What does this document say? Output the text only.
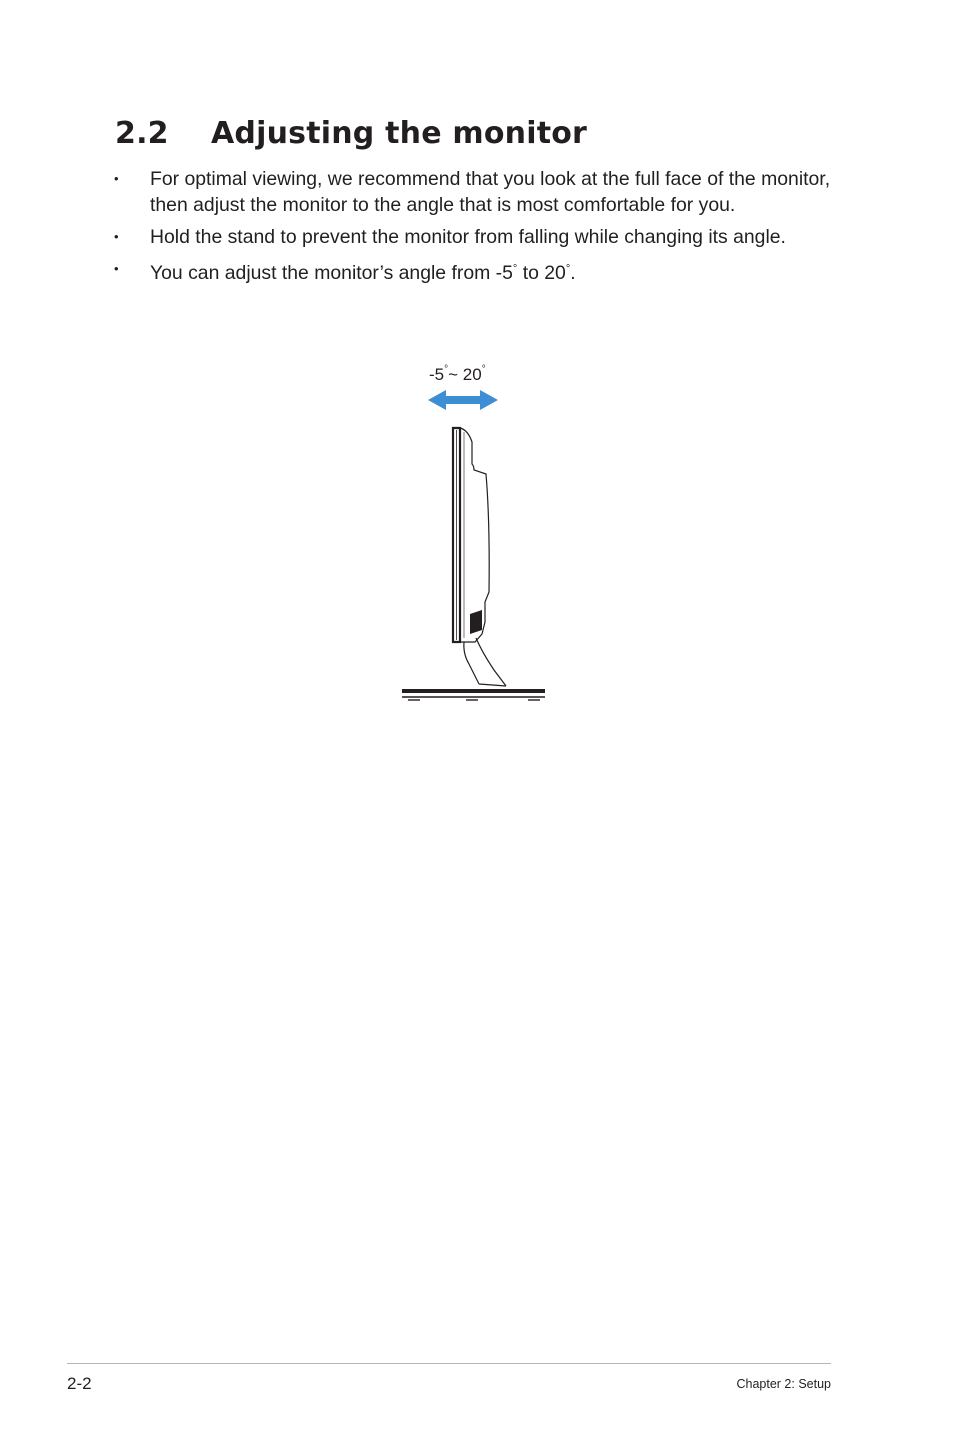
2.2 Adjusting the monitor
• For optimal viewing, we recommend that you look at the full face of the monitor, then adjust the monitor to the angle that is most comfortable for you.
• Hold the stand to prevent the monitor from falling while changing its angle.
• You can adjust the monitor’s angle from -5° to 20°.
-5°~ 20°
2-2	Chapter 2: Setup
